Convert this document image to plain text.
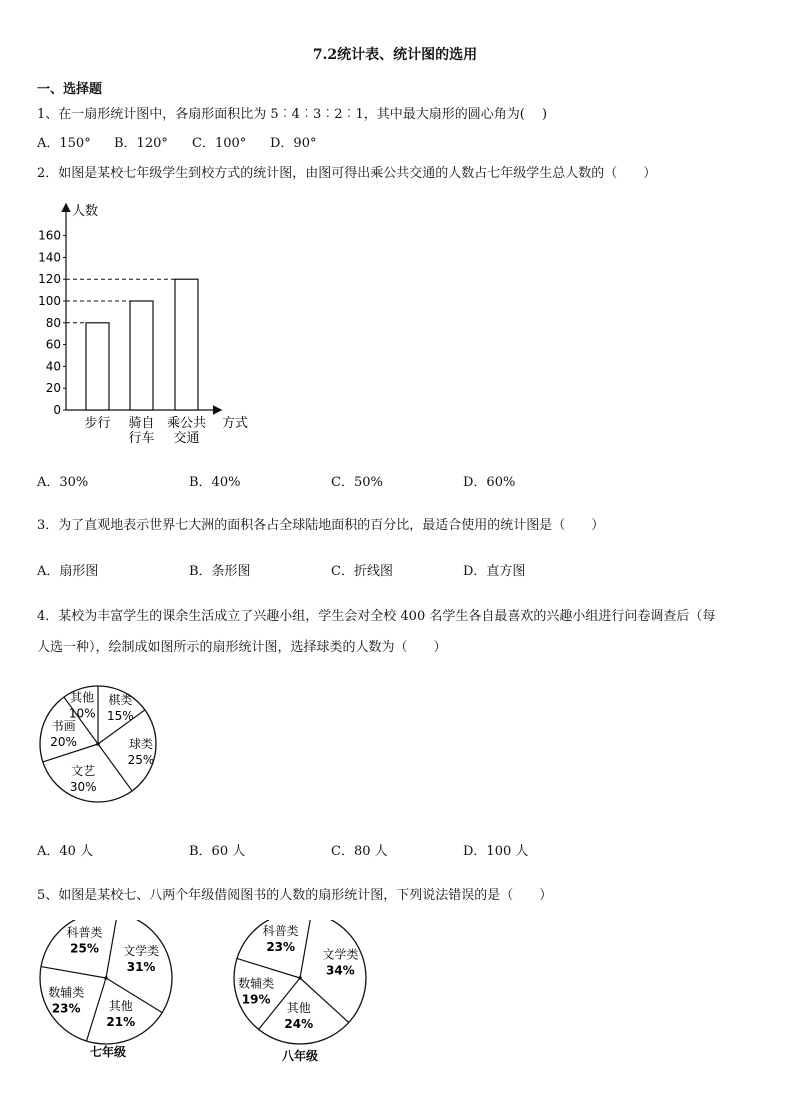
7.2统计表、统计图的选用
一、选择题
1、在一扇形统计图中，各扇形面积比为 5︰4︰3︰2︰1，其中最大扇形的圆心角为(　 )
A．150° B．120° C．100° D．90°
2．如图是某校七年级学生到校方式的统计图，由图可得出乘公共交通的人数占七年级学生总人数的（　　）
0
20
40
60
80
100
120
140
160
人数
方式
步行 骑自
行车
乘公共
交通
A．30%	B．40%	C．50%	D．60%
3．为了直观地表示世界七大洲的面积各占全球陆地面积的百分比，最适合使用的统计图是（　　）
A．扇形图	B．条形图	C．折线图	D．直方图
4．某校为丰富学生的课余生活成立了兴趣小组，学生会对全校 400 名学生各自最喜欢的兴趣小组进行问卷调查后（每
人选一种），绘制成如图所示的扇形统计图，选择球类的人数为（　　）
棋类
15%
球类
25%
文艺
30%
书画
20%
其他
10%
A．40 人	B．60 人	C．80 人	D．100 人
5、如图是某校七、八两个年级借阅图书的人数的扇形统计图，下列说法错误的是（　　）
文学类
31%
其他
21%
数辅类
23%
科普类
25%
七年级
文学类
34%
其他
24%
数辅类
19%
科普类
23%
八年级
